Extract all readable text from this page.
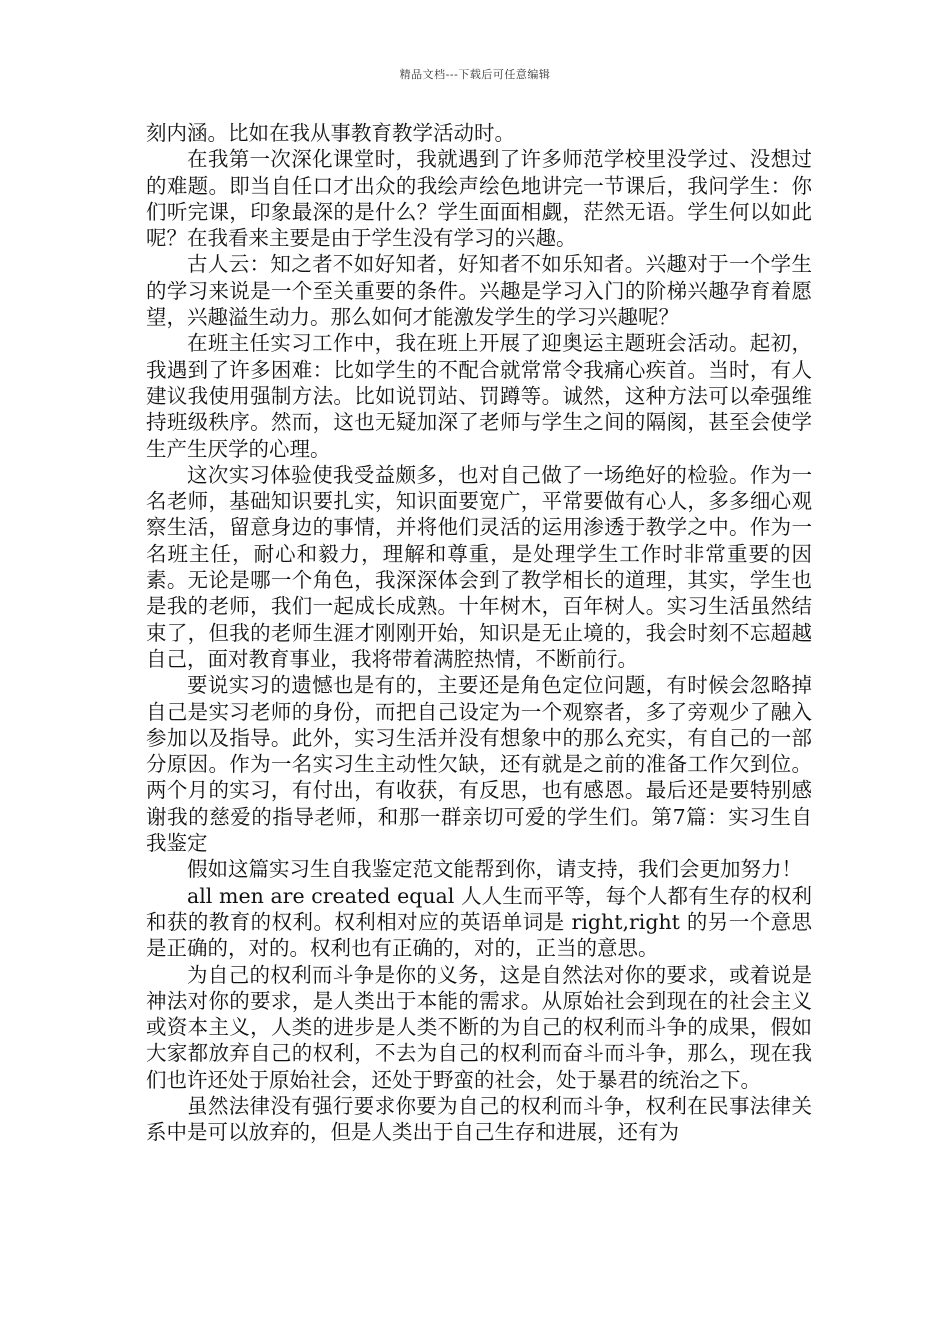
精品文档---下载后可任意编辑

刻内涵。比如在我从事教育教学活动时。

在我第一次深化课堂时，我就遇到了许多师范学校里没学过、没想过的难题。即当自任口才出众的我绘声绘色地讲完一节课后，我问学生：你们听完课，印象最深的是什么？学生面面相觑，茫然无语。学生何以如此呢？在我看来主要是由于学生没有学习的兴趣。

古人云：知之者不如好知者，好知者不如乐知者。兴趣对于一个学生的学习来说是一个至关重要的条件。兴趣是学习入门的阶梯兴趣孕育着愿望，兴趣溢生动力。那么如何才能激发学生的学习兴趣呢？

在班主任实习工作中，我在班上开展了迎奥运主题班会活动。起初，我遇到了许多困难：比如学生的不配合就常常令我痛心疾首。当时，有人建议我使用强制方法。比如说罚站、罚蹲等。诚然，这种方法可以牵强维持班级秩序。然而，这也无疑加深了老师与学生之间的隔阂，甚至会使学生产生厌学的心理。

这次实习体验使我受益颇多，也对自己做了一场绝好的检验。作为一名老师，基础知识要扎实，知识面要宽广，平常要做有心人，多多细心观察生活，留意身边的事情，并将他们灵活的运用渗透于教学之中。作为一名班主任，耐心和毅力，理解和尊重，是处理学生工作时非常重要的因素。无论是哪一个角色，我深深体会到了教学相长的道理，其实，学生也是我的老师，我们一起成长成熟。十年树木，百年树人。实习生活虽然结束了，但我的老师生涯才刚刚开始，知识是无止境的，我会时刻不忘超越自己，面对教育事业，我将带着满腔热情，不断前行。

要说实习的遗憾也是有的，主要还是角色定位问题，有时候会忽略掉自己是实习老师的身份，而把自己设定为一个观察者，多了旁观少了融入参加以及指导。此外，实习生活并没有想象中的那么充实，有自己的一部分原因。作为一名实习生主动性欠缺，还有就是之前的准备工作欠到位。两个月的实习，有付出，有收获，有反思，也有感恩。最后还是要特别感谢我的慈爱的指导老师，和那一群亲切可爱的学生们。第7篇：实习生自我鉴定

假如这篇实习生自我鉴定范文能帮到你，请支持，我们会更加努力！

all men are created equal 人人生而平等，每个人都有生存的权利和获的教育的权利。权利相对应的英语单词是 right,right 的另一个意思是正确的，对的。权利也有正确的，对的，正当的意思。

为自己的权利而斗争是你的义务，这是自然法对你的要求，或着说是神法对你的要求，是人类出于本能的需求。从原始社会到现在的社会主义或资本主义，人类的进步是人类不断的为自己的权利而斗争的成果，假如大家都放弃自己的权利，不去为自己的权利而奋斗而斗争，那么，现在我们也许还处于原始社会，还处于野蛮的社会，处于暴君的统治之下。

虽然法律没有强行要求你要为自己的权利而斗争，权利在民事法律关系中是可以放弃的，但是人类出于自己生存和进展，还有为
